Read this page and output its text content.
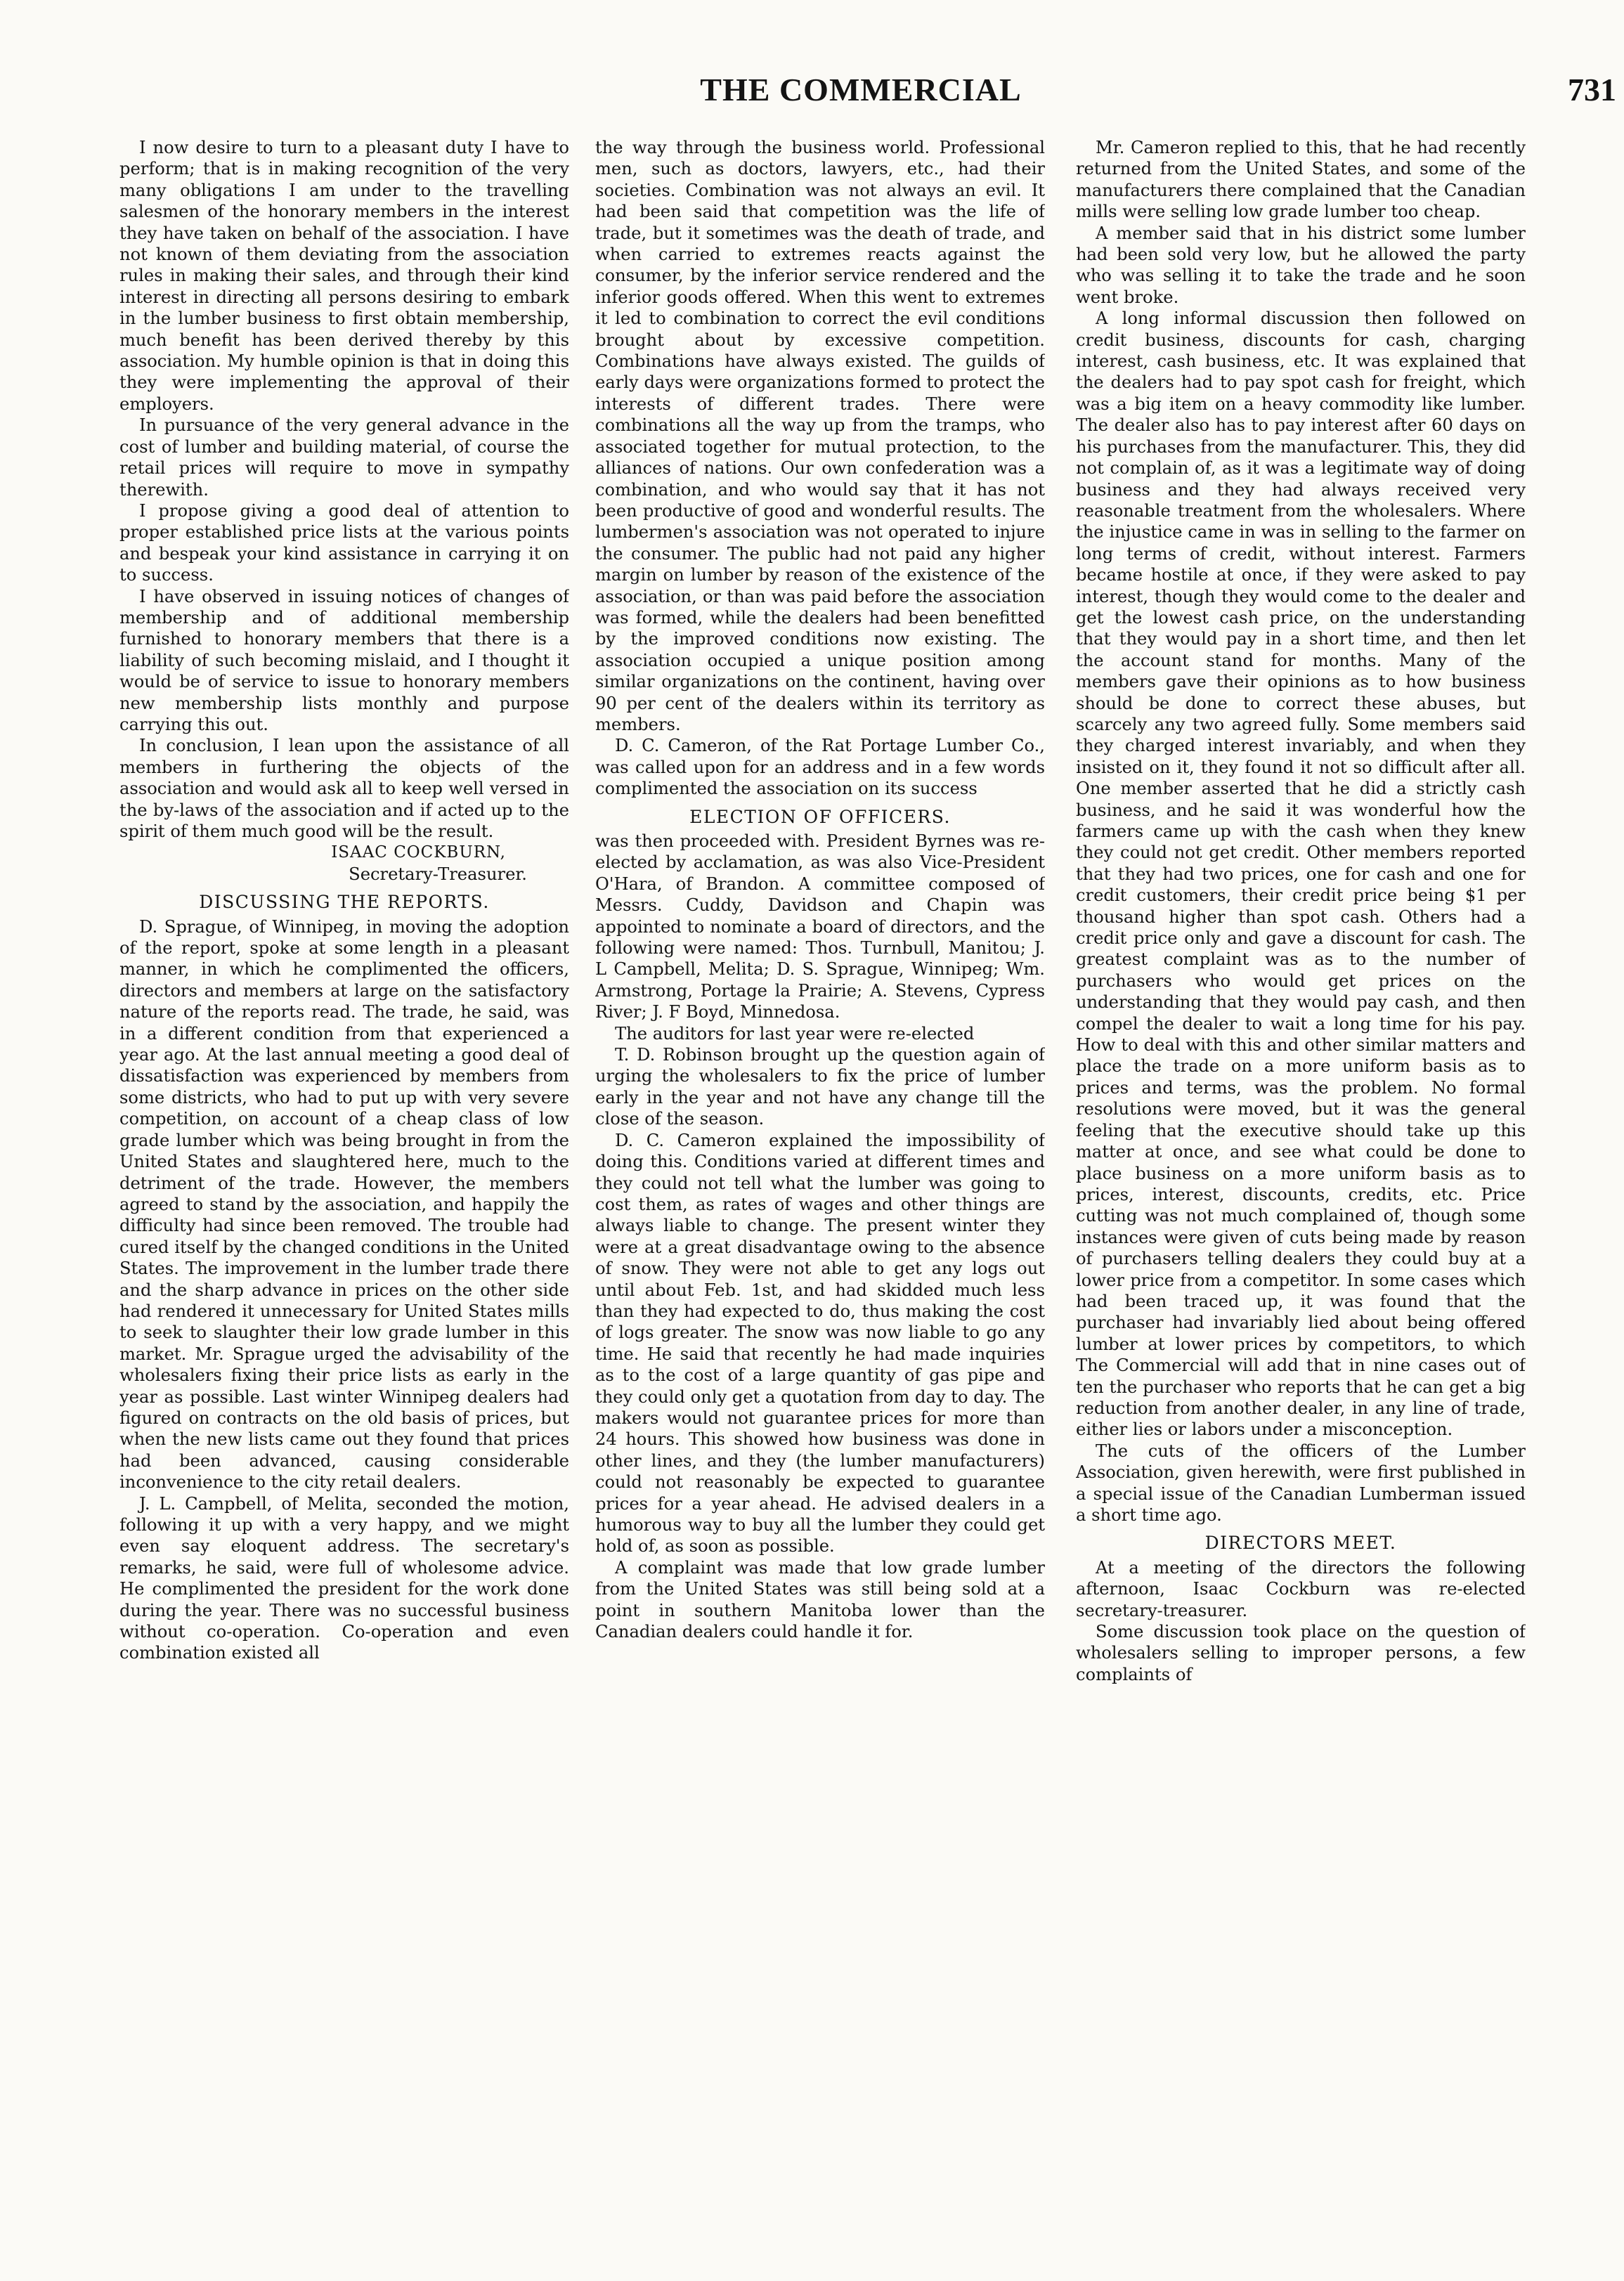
THE COMMERCIAL	731

I now desire to turn to a pleasant duty I have to perform; that is in making recognition of the very many obligations I am under to the travelling salesmen of the honorary members in the interest they have taken on behalf of the association. I have not known of them deviating from the association rules in making their sales, and through their kind interest in directing all persons desiring to embark in the lumber business to first obtain membership, much benefit has been derived thereby by this association. My humble opinion is that in doing this they were implementing the approval of their employers.

In pursuance of the very general advance in the cost of lumber and building material, of course the retail prices will require to move in sympathy therewith.

I propose giving a good deal of attention to proper established price lists at the various points and bespeak your kind assistance in carrying it on to success.

I have observed in issuing notices of changes of membership and of additional membership furnished to honorary members that there is a liability of such becoming mislaid, and I thought it would be of service to issue to honorary members new membership lists monthly and purpose carrying this out.

In conclusion, I lean upon the assistance of all members in furthering the objects of the association and would ask all to keep well versed in the by-laws of the association and if acted up to the spirit of them much good will be the result.

ISAAC COCKBURN,

Secretary-Treasurer.

DISCUSSING THE REPORTS.

D. Sprague, of Winnipeg, in moving the adoption of the report, spoke at some length in a pleasant manner, in which he complimented the officers, directors and members at large on the satisfactory nature of the reports read. The trade, he said, was in a different condition from that experienced a year ago. At the last annual meeting a good deal of dissatisfaction was experienced by members from some districts, who had to put up with very severe competition, on account of a cheap class of low grade lumber which was being brought in from the United States and slaughtered here, much to the detriment of the trade. However, the members agreed to stand by the association, and happily the difficulty had since been removed. The trouble had cured itself by the changed conditions in the United States. The improvement in the lumber trade there and the sharp advance in prices on the other side had rendered it unnecessary for United States mills to seek to slaughter their low grade lumber in this market. Mr. Sprague urged the advisability of the wholesalers fixing their price lists as early in the year as possible. Last winter Winnipeg dealers had figured on contracts on the old basis of prices, but when the new lists came out they found that prices had been advanced, causing considerable inconvenience to the city retail dealers.

J. L. Campbell, of Melita, seconded the motion, following it up with a very happy, and we might even say eloquent address. The secretary's remarks, he said, were full of wholesome advice. He complimented the president for the work done during the year. There was no successful business without co-operation. Co-operation and even combination existed all

the way through the business world. Professional men, such as doctors, lawyers, etc., had their societies. Combination was not always an evil. It had been said that competition was the life of trade, but it sometimes was the death of trade, and when carried to extremes reacts against the consumer, by the inferior service rendered and the inferior goods offered. When this went to extremes it led to combination to correct the evil conditions brought about by excessive competition. Combinations have always existed. The guilds of early days were organizations formed to protect the interests of different trades. There were combinations all the way up from the tramps, who associated together for mutual protection, to the alliances of nations. Our own confederation was a combination, and who would say that it has not been productive of good and wonderful results. The lumbermen's association was not operated to injure the consumer. The public had not paid any higher margin on lumber by reason of the existence of the association, or than was paid before the association was formed, while the dealers had been benefitted by the improved conditions now existing. The association occupied a unique position among similar organizations on the continent, having over 90 per cent of the dealers within its territory as members.

D. C. Cameron, of the Rat Portage Lumber Co., was called upon for an address and in a few words complimented the association on its success

ELECTION OF OFFICERS.

was then proceeded with. President Byrnes was re-elected by acclamation, as was also Vice-President O'Hara, of Brandon. A committee composed of Messrs. Cuddy, Davidson and Chapin was appointed to nominate a board of directors, and the following were named: Thos. Turnbull, Manitou; J. L Campbell, Melita; D. S. Sprague, Winnipeg; Wm. Armstrong, Portage la Prairie; A. Stevens, Cypress River; J. F Boyd, Minnedosa.

The auditors for last year were re-elected

T. D. Robinson brought up the question again of urging the wholesalers to fix the price of lumber early in the year and not have any change till the close of the season.

D. C. Cameron explained the impossibility of doing this. Conditions varied at different times and they could not tell what the lumber was going to cost them, as rates of wages and other things are always liable to change. The present winter they were at a great disadvantage owing to the absence of snow. They were not able to get any logs out until about Feb. 1st, and had skidded much less than they had expected to do, thus making the cost of logs greater. The snow was now liable to go any time. He said that recently he had made inquiries as to the cost of a large quantity of gas pipe and they could only get a quotation from day to day. The makers would not guarantee prices for more than 24 hours. This showed how business was done in other lines, and they (the lumber manufacturers) could not reasonably be expected to guarantee prices for a year ahead. He advised dealers in a humorous way to buy all the lumber they could get hold of, as soon as possible.

A complaint was made that low grade lumber from the United States was still being sold at a point in southern Manitoba lower than the Canadian dealers could handle it for.

Mr. Cameron replied to this, that he had recently returned from the United States, and some of the manufacturers there complained that the Canadian mills were selling low grade lumber too cheap.

A member said that in his district some lumber had been sold very low, but he allowed the party who was selling it to take the trade and he soon went broke.

A long informal discussion then followed on credit business, discounts for cash, charging interest, cash business, etc. It was explained that the dealers had to pay spot cash for freight, which was a big item on a heavy commodity like lumber. The dealer also has to pay interest after 60 days on his purchases from the manufacturer. This, they did not complain of, as it was a legitimate way of doing business and they had always received very reasonable treatment from the wholesalers. Where the injustice came in was in selling to the farmer on long terms of credit, without interest. Farmers became hostile at once, if they were asked to pay interest, though they would come to the dealer and get the lowest cash price, on the understanding that they would pay in a short time, and then let the account stand for months. Many of the members gave their opinions as to how business should be done to correct these abuses, but scarcely any two agreed fully. Some members said they charged interest invariably, and when they insisted on it, they found it not so difficult after all. One member asserted that he did a strictly cash business, and he said it was wonderful how the farmers came up with the cash when they knew they could not get credit. Other members reported that they had two prices, one for cash and one for credit customers, their credit price being $1 per thousand higher than spot cash. Others had a credit price only and gave a discount for cash. The greatest complaint was as to the number of purchasers who would get prices on the understanding that they would pay cash, and then compel the dealer to wait a long time for his pay. How to deal with this and other similar matters and place the trade on a more uniform basis as to prices and terms, was the problem. No formal resolutions were moved, but it was the general feeling that the executive should take up this matter at once, and see what could be done to place business on a more uniform basis as to prices, interest, discounts, credits, etc. Price cutting was not much complained of, though some instances were given of cuts being made by reason of purchasers telling dealers they could buy at a lower price from a competitor. In some cases which had been traced up, it was found that the purchaser had invariably lied about being offered lumber at lower prices by competitors, to which The Commercial will add that in nine cases out of ten the purchaser who reports that he can get a big reduction from another dealer, in any line of trade, either lies or labors under a misconception.

The cuts of the officers of the Lumber Association, given herewith, were first published in a special issue of the Canadian Lumberman issued a short time ago.

DIRECTORS MEET.

At a meeting of the directors the following afternoon, Isaac Cockburn was re-elected secretary-treasurer.

Some discussion took place on the question of wholesalers selling to improper persons, a few complaints of
